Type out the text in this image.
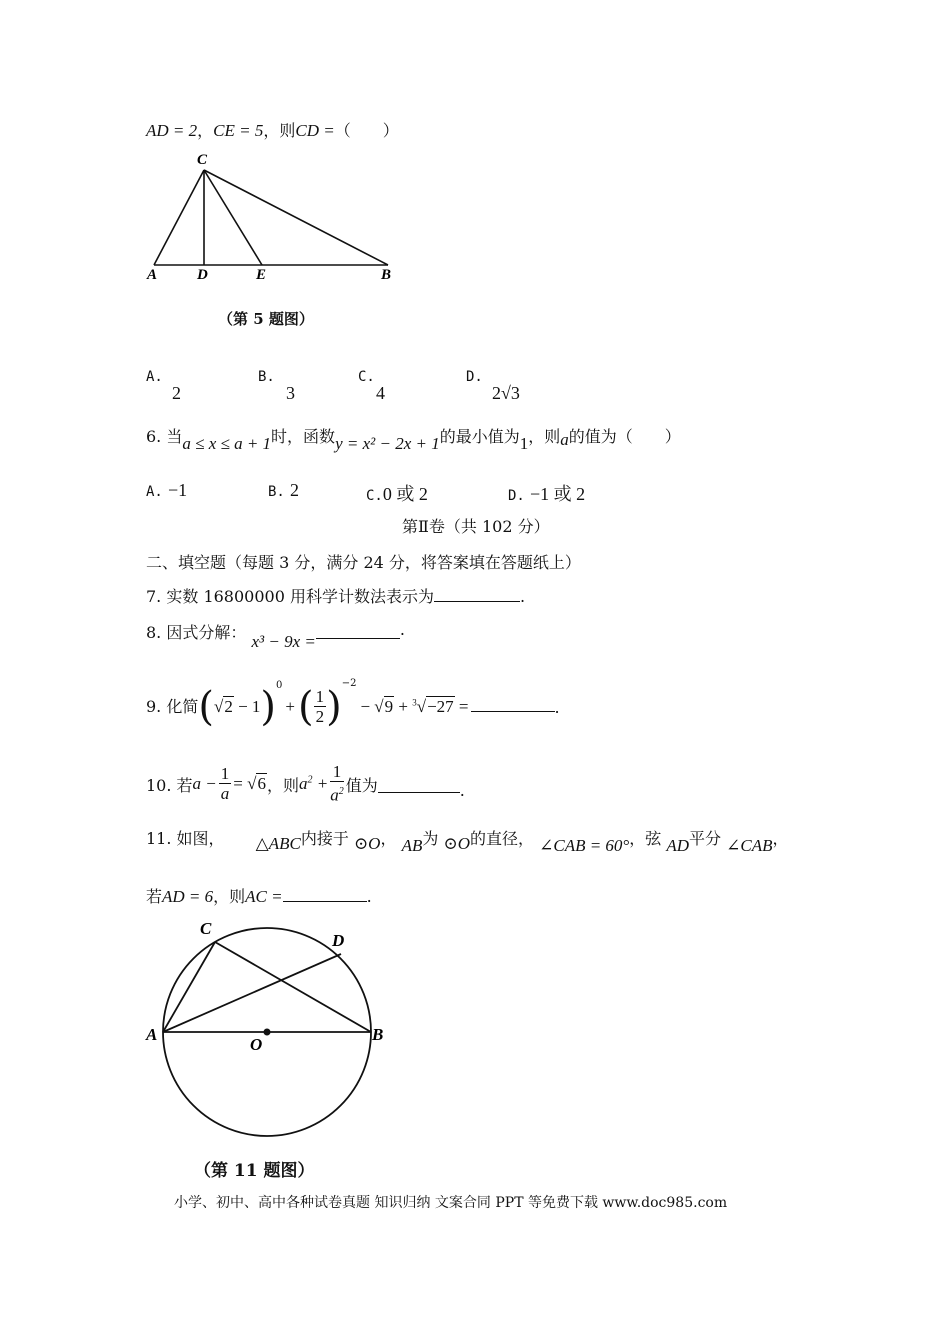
AD = 2，CE = 5，则CD =（　　）
C
A	D	E	B
（第 5 题图）
A.
2
B.
3
C.
4
D.
2√3
6. 当a ≤ x ≤ a + 1时，函数y = x² − 2x + 1的最小值为1，则a的值为（　　）
A. −1	B. 2	C.0 或 2	D. −1 或 2
第Ⅱ卷（共 102 分）
二、填空题（每题 3 分，满分 24 分，将答案填在答题纸上）
7. 实数 16800000 用科学计数法表示为	.
8. 因式分解： x³ − 9x =.
9. 化简 ( √2 − 1 )$^0$
+ ( $\frac{1}{2}$ )
$^{-2}$
− √9 + $^3$√−27 =	.
10. 若 $a - \frac{1}{a} = √6$ ，则 $a^2 + \frac{1}{a^2}$ 值为	.
11. 如图， △ABC内接于 ⊙O， AB为 ⊙O的直径， ∠CAB = 60°，弦 AD平分 ∠CAB，
若AD = 6，则AC =	.
C
D
A
O
B
（第 11 题图）
小学、初中、高中各种试卷真题 知识归纳 文案合同 PPT 等免费下载 www.doc985.com
